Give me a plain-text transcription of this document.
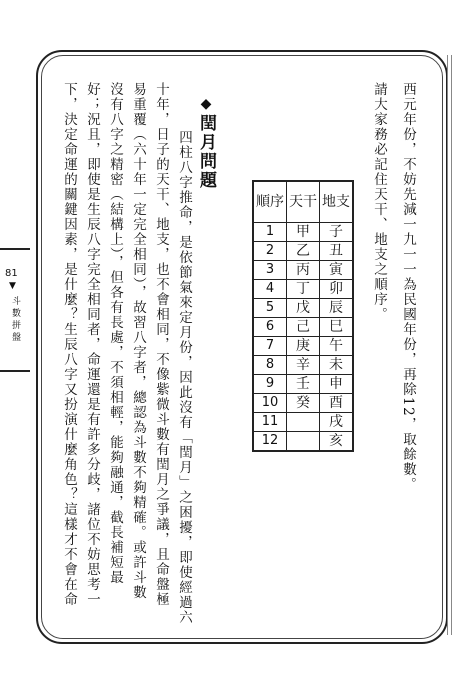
81
▼
斗數拼盤	西元年份，不妨先減一九一一為民國年份，再除12，取餘數。
請大家務必記住天干、地支之順序。
◆閏月問題
順序	天干	地支
1	甲	子
2	乙	丑
3	丙	寅
4	丁	卯
5	戊	辰
6	己	巳
7	庚	午
8	辛	未
9	壬	申
10	癸	酉
11		戌
12		亥
四柱八字推命，是依節氣來定月份，因此沒有「閏月」之困擾，即使經過六
十年，日子的天干、地支，也不會相同，不像紫微斗數有閏月之爭議，且命盤極
易重覆（六十年一定完全相同），故習八字者，總認為斗數不夠精確。或許斗數
沒有八字之精密（結構上），但各有長處，不須相輕，能夠融通，截長補短最
好；況且，即使是生辰八字完全相同者，命運還是有許多分歧，諸位不妨思考一
下，決定命運的關鍵因素，是什麼？生辰八字又扮演什麼角色？這樣才不會在命
